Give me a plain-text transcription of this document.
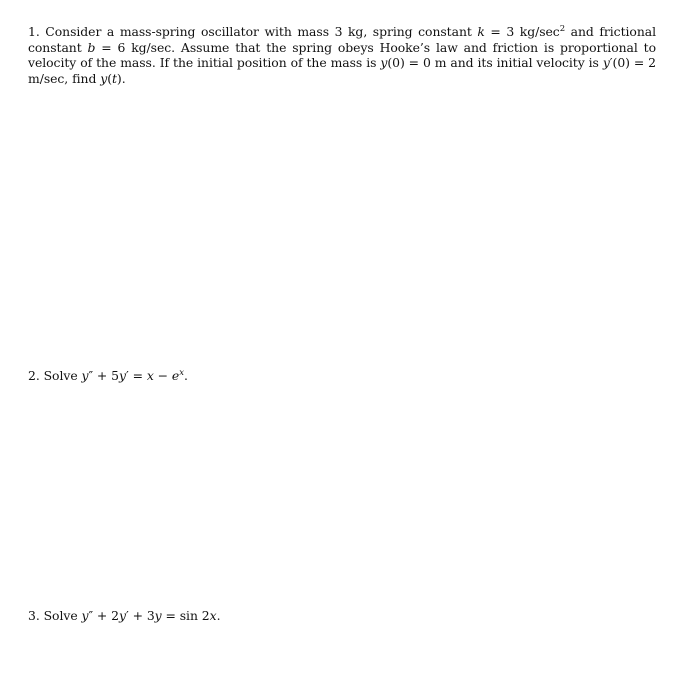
1. Consider a mass-spring oscillator with mass 3 kg, spring constant k = 3 $kg/\sec^2$ and frictional constant b = 6 kg/sec. Assume that the spring obeys Hooke’s law and friction is proportional to velocity of the mass. If the initial position of the mass is y(0) = 0 m and its initial velocity is y′(0) = 2 m/sec, find y(t).
2. Solve $y'' + 5y' = x - e^x$.
3. Solve y″ + 2y′ + 3y = sin 2x.
